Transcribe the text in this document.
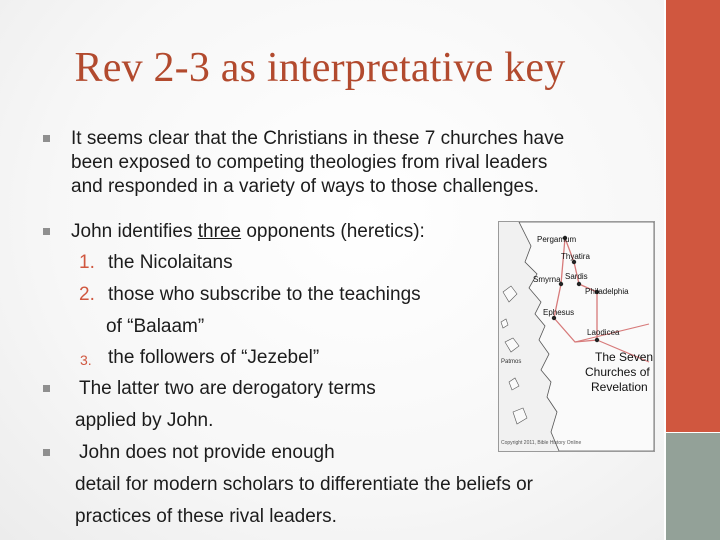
Rev 2-3 as interpretative key
It seems clear that the Christians in these 7 churches have
been exposed to competing theologies from rival leaders
and responded in a variety of ways to those challenges.
John identifies three opponents (heretics):
1. the Nicolaitans
2. those who subscribe to the teachings
of “Balaam”
3. the followers of “Jezebel”
The latter two are derogatory terms
applied by John.
John does not provide enough
detail for modern scholars to differentiate the beliefs or
practices of these rival leaders.
Pergamum
Thyatira
Sardis
Smyrna
Philadelphia
Ephesus
Laodicea
Patmos	The Seven
Churches of
Revelation
Copyright 2011, Bible History Online
